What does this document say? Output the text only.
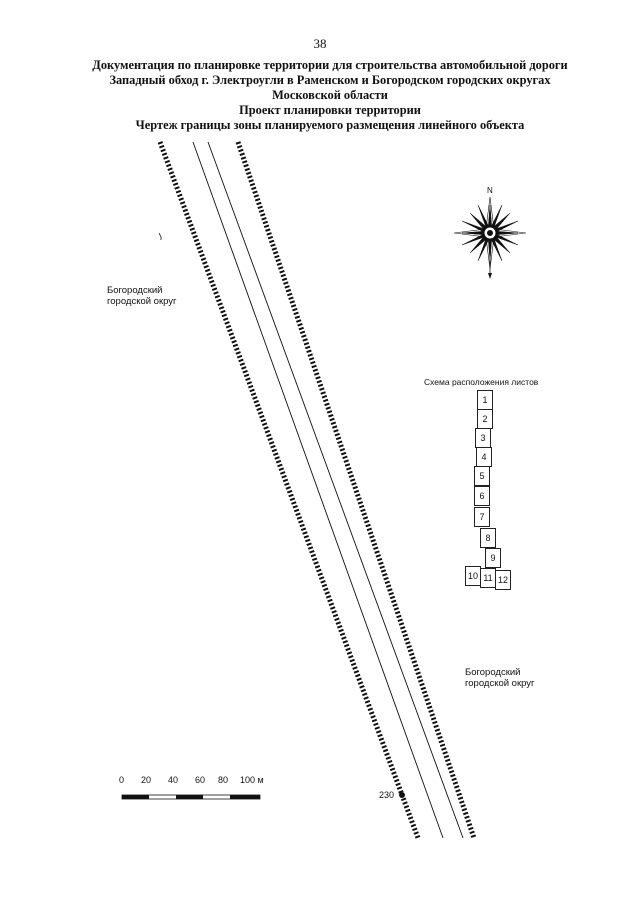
38
Документация по планировке территории для строительства автомобильной дороги
Западный обход г. Электроугли в Раменском и Богородском городских округах
Московской области
Проект планировки территории
Чертеж границы зоны планируемого размещения линейного объекта
N
Богородский
городской округ
Богородский
городской округ
Схема расположения листов
1
2
3
4
5
6
7
8
9
10 11 12
0 20 40 60 80 100 м
230
